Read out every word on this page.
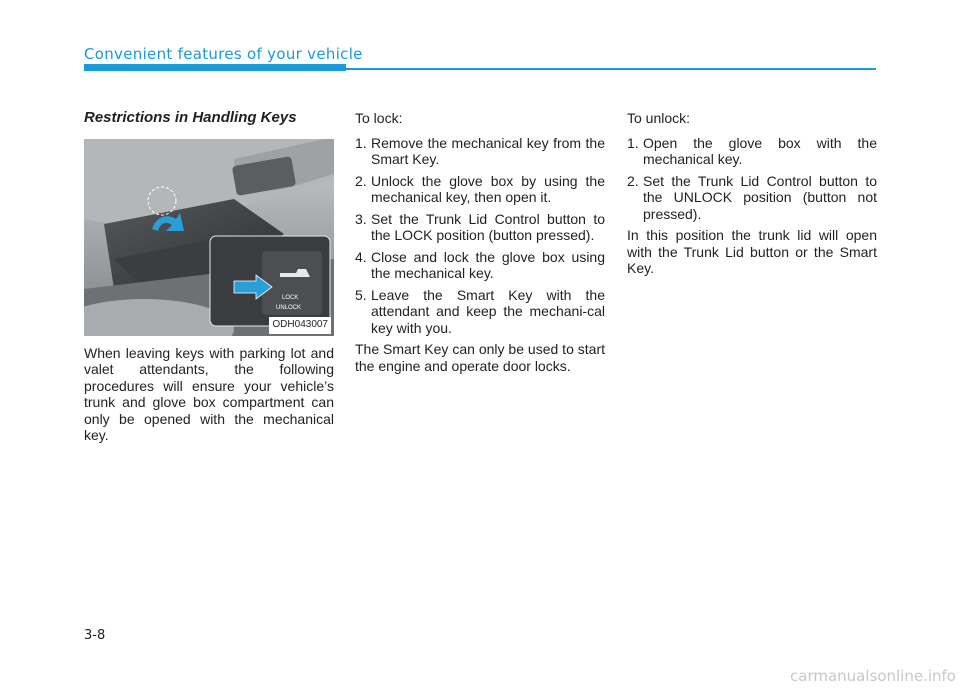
Convenient features of your vehicle
Restrictions in Handling Keys
LOCK
UNLOCK
ODH043007

When leaving keys with parking lot and valet attendants, the following procedures will ensure your vehicle’s trunk and glove box compartment can only be opened with the mechanical key.

To lock:

1. Remove the mechanical key from the Smart Key.
2. Unlock the glove box by using the mechanical key, then open it.
3. Set the Trunk Lid Control button to the LOCK position (button pressed).
4. Close and lock the glove box using the mechanical key.
5. Leave the Smart Key with the attendant and keep the mechani-cal key with you.

The Smart Key can only be used to start the engine and operate door locks.

To unlock:

1. Open the glove box with the mechanical key.
2. Set the Trunk Lid Control button to the UNLOCK position (button not pressed).

In this position the trunk lid will open with the Trunk Lid button or the Smart Key.

3-8
carmanualsonline.info
